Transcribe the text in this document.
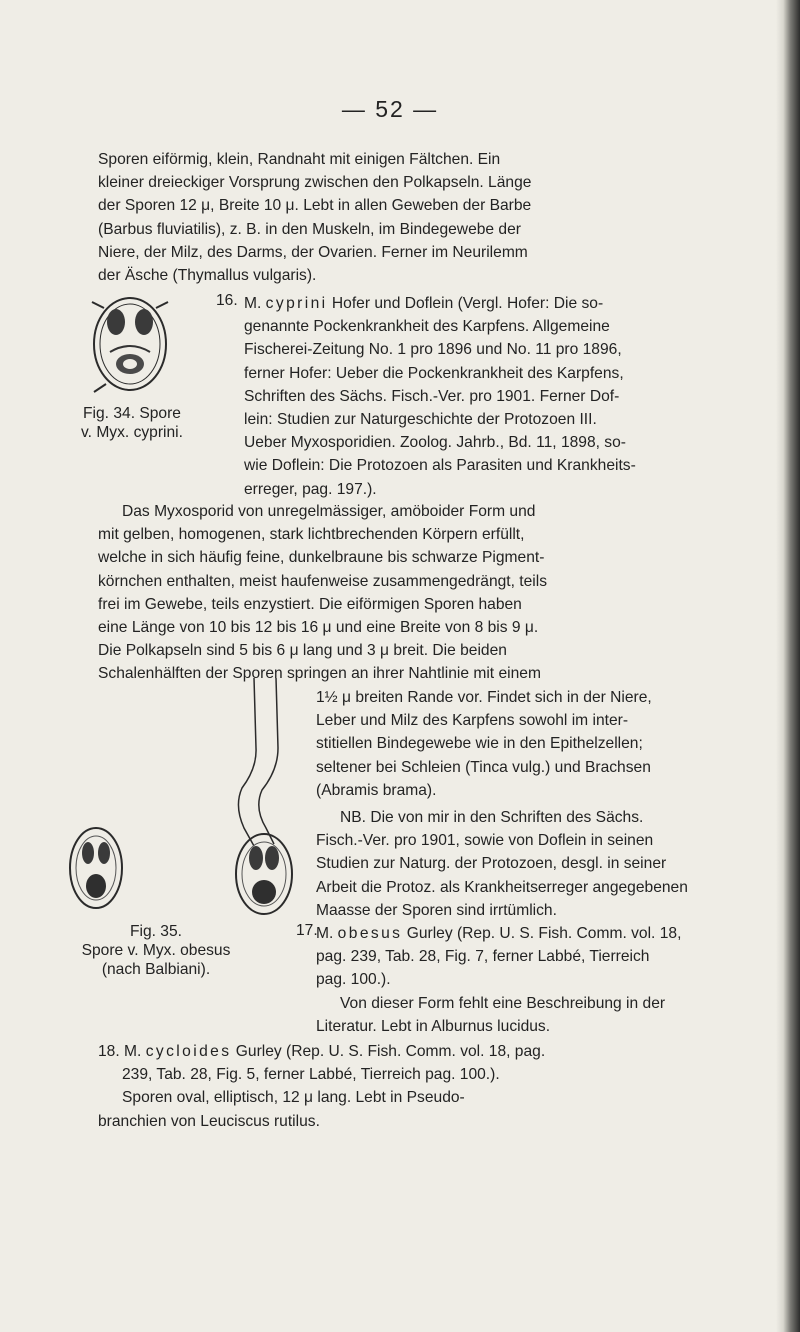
— 52 —
Sporen eiförmig, klein, Randnaht mit einigen Fältchen. Ein
kleiner dreieckiger Vorsprung zwischen den Polkapseln. Länge
der Sporen 12 μ, Breite 10 μ. Lebt in allen Geweben der Barbe
(Barbus fluviatilis), z. B. in den Muskeln, im Bindegewebe der
Niere, der Milz, des Darms, der Ovarien. Ferner im Neurilemm
der Äsche (Thymallus vulgaris).
Fig. 34. Spore
v. Myx. cyprini.
16. M. cyprini Hofer und Doflein (Vergl. Hofer: Die so-
genannte Pockenkrankheit des Karpfens. Allgemeine
Fischerei-Zeitung No. 1 pro 1896 und No. 11 pro 1896,
ferner Hofer: Ueber die Pockenkrankheit des Karpfens,
Schriften des Sächs. Fisch.-Ver. pro 1901. Ferner Dof-
lein: Studien zur Naturgeschichte der Protozoen III.
Ueber Myxosporidien. Zoolog. Jahrb., Bd. 11, 1898, so-
wie Doflein: Die Protozoen als Parasiten und Krankheits-
erreger, pag. 197.).
Das Myxosporid von unregelmässiger, amöboider Form und
mit gelben, homogenen, stark lichtbrechenden Körpern erfüllt,
welche in sich häufig feine, dunkelbraune bis schwarze Pigment-
körnchen enthalten, meist haufenweise zusammengedrängt, teils
frei im Gewebe, teils enzystiert. Die eiförmigen Sporen haben
eine Länge von 10 bis 12 bis 16 μ und eine Breite von 8 bis 9 μ.
Die Polkapseln sind 5 bis 6 μ lang und 3 μ breit. Die beiden
Schalenhälften der Sporen springen an ihrer Nahtlinie mit einem
1½ μ breiten Rande vor. Findet sich in der Niere,
Leber und Milz des Karpfens sowohl im inter-
stitiellen Bindegewebe wie in den Epithelzellen;
seltener bei Schleien (Tinca vulg.) und Brachsen
(Abramis brama).
NB. Die von mir in den Schriften des Sächs.
Fisch.-Ver. pro 1901, sowie von Doflein in seinen
Studien zur Naturg. der Protozoen, desgl. in seiner
Arbeit die Protoz. als Krankheitserreger angegebenen
Maasse der Sporen sind irrtümlich.
Fig. 35.
Spore v. Myx. obesus
(nach Balbiani).
17.
M. obesus Gurley (Rep. U. S. Fish. Comm. vol. 18,
pag. 239, Tab. 28, Fig. 7, ferner Labbé, Tierreich
pag. 100.).
Von dieser Form fehlt eine Beschreibung in der
Literatur. Lebt in Alburnus lucidus.
18. M. cycloides Gurley (Rep. U. S. Fish. Comm. vol. 18, pag.
239, Tab. 28, Fig. 5, ferner Labbé, Tierreich pag. 100.).
Sporen oval, elliptisch, 12 μ lang. Lebt in Pseudo-
branchien von Leuciscus rutilus.
